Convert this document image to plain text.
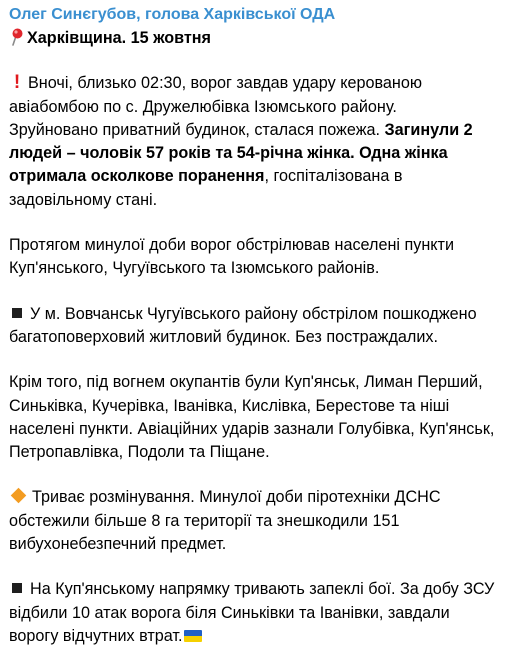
Олег Синєгубов, голова Харківської ОДА
Харківщина. 15 жовтня
! Вночі, близько 02:30, ворог завдав удару керованою
авіабомбою по с. Дружелюбівка Ізюмського району.
Зруйновано приватний будинок, сталася пожежа. Загинули 2
людей – чоловік 57 років та 54-річна жінка. Одна жінка
отримала осколкове поранення, госпіталізована в
задовільному стані.
Протягом минулої доби ворог обстрілював населені пункти
Куп'янського, Чугуївського та Ізюмського районів.
У м. Вовчанськ Чугуївського району обстрілом пошкоджено
багатоповерховий житловий будинок. Без постраждалих.
Крім того, під вогнем окупантів були Куп'янськ, Лиман Перший,
Синьківка, Кучерівка, Іванівка, Кислівка, Берестове та ніші
населені пункти. Авіаційних ударів зазнали Голубівка, Куп'янськ,
Петропавлівка, Подоли та Піщане.
Триває розмінування. Минулої доби піротехніки ДСНС
обстежили більше 8 га території та знешкодили 151
вибухонебезпечний предмет.
На Куп'янському напрямку тривають запеклі бої. За добу ЗСУ
відбили 10 атак ворога біля Синьківки та Іванівки, завдали
ворогу відчутних втрат.
